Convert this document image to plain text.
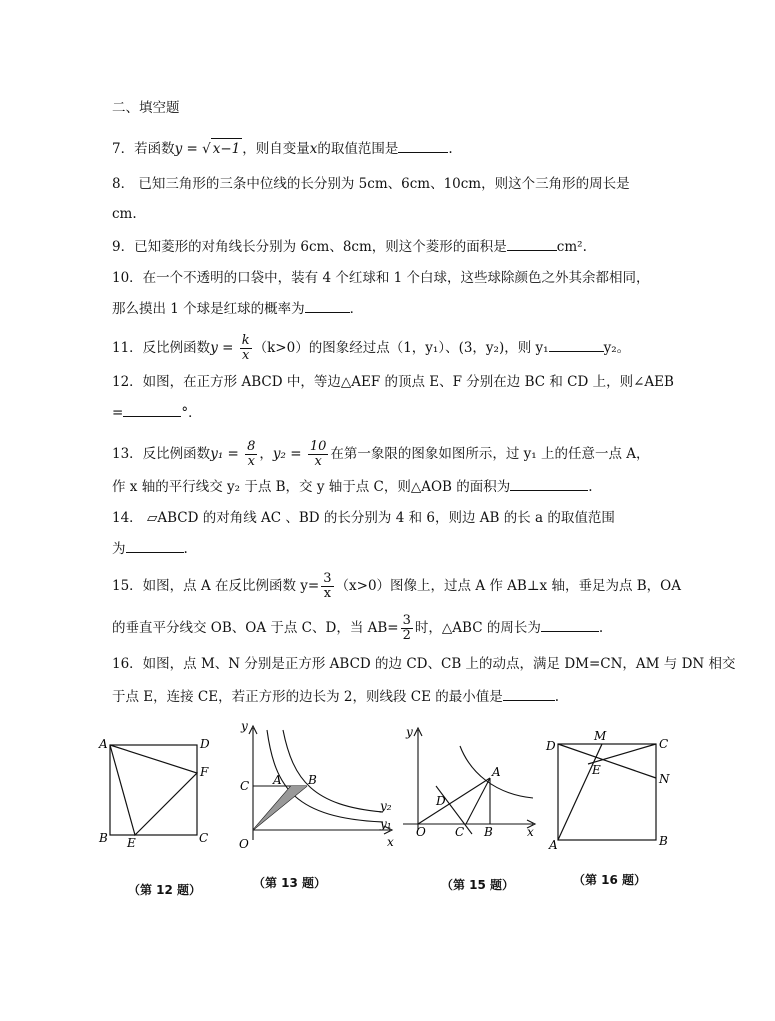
二、填空题
7．若函数y = √ x−1 ，则自变量x的取值范围是	.
8． 已知三角形的三条中位线的长分别为 5cm、6cm、10cm，则这个三角形的周长是
cm.
9．已知菱形的对角线长分别为 6cm、8cm，则这个菱形的面积是	cm².
10．在一个不透明的口袋中，装有 4 个红球和 1 个白球，这些球除颜色之外其余都相同，
那么摸出 1 个球是红球的概率为	．
11．反比例函数$y = \frac{k}{x} (k>0)$的图象经过点（1，y₁）、(3，y₂)，则 y₁	y₂。
12．如图，在正方形 ABCD 中，等边△AEF 的顶点 E、F 分别在边 BC 和 CD 上，则∠AEB
=	°．
13．反比例函数$y_1 = \frac{8}{x}$ ，$y_2 = \frac{10}{x}$ 在第一象限的图象如图所示，过 y₁ 上的任意一点 A，
作 x 轴的平行线交 y₂ 于点 B，交 y 轴于点 C，则△AOB 的面积为	.
14． ▱ABCD 的对角线 AC 、BD 的长分别为 4 和 6，则边 AB 的长 a 的取值范围
为	.
15．如图，点 A 在反比例函数 $y= \frac{3}{x} (x>0)$图像上，过点 A 作 AB⊥x 轴，垂足为点 B，OA
的垂直平分线交 OB、OA 于点 C、D，当 $AB= \frac{3}{2}$ 时，△ABC 的周长为	.
16．如图，点 M、N 分别是正方形 ABCD 的边 CD、CB 上的动点，满足 DM=CN，AM 与 DN 相交
于点 E，连接 CE，若正方形的边长为 2，则线段 CE 的最小值是	.
A	D
F
B E	C
（第 12 题）
y
C A B
O	x
y₂
y₁
（第 13 题）
y
A
D
O C B	x
（第 15 题）
D
M
C
E
N
A	B
（第 16 题）
